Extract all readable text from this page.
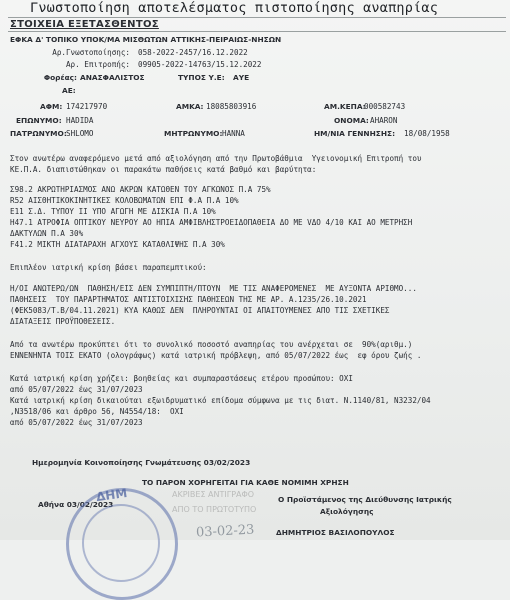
Γνωστοποίηση αποτελέσματος πιστοποίησης αναπηρίας
ΣΤΟΙΧΕΙΑ ΕΞΕΤΑΣΘΕΝΤΟΣ
ΕΦΚΑ Δ' ΤΟΠΙΚΟ ΥΠΟΚ/ΜΑ ΜΙΣΘΩΤΩΝ ΑΤΤΙΚΗΣ-ΠΕΙΡΑΙΩΣ-ΝΗΣΩΝ
Αρ.Γνωστοποίησης: 058-2022-2457/16.12.2022
Αρ. Επιτροπής: 09905-2022-14763/15.12.2022
Φορέας: ΑΝΑΣΦΑΛΙΣΤΟΣ	ΤΥΠΟΣ Υ.Ε: ΑΥΕ
ΑΕ:
ΑΦΜ: 174217970	ΑΜΚΑ: 18085803916	ΑΜ.ΚΕΠΑ:
000582743
ΕΠΩΝΥΜΟ: HADIDA	ΟΝΟΜΑ: AHARON
ΠΑΤΡΩΝΥΜΟ: SHLOMO	ΜΗΤΡΩΝΥΜΟ: HANNA	ΗΜ/ΝΙΑ ΓΕΝΝΗΣΗΣ: 18/08/1958
Στον ανωτέρω αναφερόμενο μετά από αξιολόγηση από την Πρωτοβάθμια  Υγειονομική Επιτροπή του
ΚΕ.Π.Α. διαπιστώθηκαν οι παρακάτω παθήσεις κατά βαθμό και βαρύτητα:
Σ98.2 ΑΚΡΩΤΗΡΙΑΣΜΟΣ ΑΝΩ ΑΚΡΩΝ ΚΑΤΩΘΕΝ ΤΟΥ ΑΓΚΩΝΟΣ Π.Α 75%
R52 ΑΙΣΘΗΤΙΚΟΚΙΝΗΤΙΚΕΣ ΚΟΛΟΒΩΜΑΤΩΝ ΕΠΙ Φ.Α Π.Α 10%
E11 Σ.Δ. ΤΥΠΟΥ ΙΙ ΥΠΟ ΑΓΩΓΗ ΜΕ ΔΙΣΚΙΑ Π.Α 10%
H47.1 ΑΤΡΟΦΙΑ ΟΠΤΙΚΟΥ ΝΕΥΡΟΥ ΑΟ ΗΠΙΑ ΑΜΦΙΒΛΗΣΤΡΟΕΙΔΟΠΑΘΕΙΑ ΔΟ ΜΕ VΔΟ 4/10 ΚΑΙ ΑΟ ΜΕΤΡΗΣΗ
ΔΑΚΤΥΛΩΝ Π.Α 30%
F41.2 ΜΙΚΤΗ ΔΙΑΤΑΡΑΧΗ ΑΓΧΟΥΣ ΚΑΤΑΘΛΙΨΗΣ Π.Α 30%
Επιπλέον ιατρική κρίση βάσει παραπεμπτικού:
Η/ΟΙ ΑΝΩΤΕΡΩ/ΩΝ  ΠΑΘΗΣΗ/ΕΙΣ ΔΕΝ ΣΥΜΠΙΠΤΗ/ΠΤΟΥΝ  ΜΕ ΤΙΣ ΑΝΑΦΕΡΟΜΕΝΕΣ  ΜΕ ΑΥΞΟΝΤΑ ΑΡΙΘΜΟ...
ΠΑΘΗΣΕΙΣ  ΤΟΥ ΠΑΡΑΡΤΗΜΑΤΟΣ ΑΝΤΙΣΤΟΙΧΙΣΗΣ ΠΑΘΗΣΕΩΝ ΤΗΣ ΜΕ ΑΡ. Α.1235/26.10.2021
(ΦΕΚ5083/Τ.Β/04.11.2021) ΚΥΑ ΚΑΘΩΣ ΔΕΝ  ΠΛΗΡΟΥΝΤΑΙ ΟΙ ΑΠΑΙΤΟΥΜΕΝΕΣ ΑΠΟ ΤΙΣ ΣΧΕΤΙΚΕΣ
ΔΙΑΤΑΞΕΙΣ ΠΡΟΫΠΟΘΕΣΕΙΣ.
Από τα ανωτέρω προκύπτει ότι το συνολικό ποσοστό αναπηρίας του ανέρχεται σε  90%(αριθμ.)
ΕΝΝΕΝΗΝΤΑ ΤΟΙΣ ΕΚΑΤΟ (ολογράφως) κατά ιατρική πρόβλεψη, από 05/07/2022 έως  εφ όρου ζωής .
Κατά ιατρική κρίση χρήζει: βοηθείας και συμπαραστάσεως ετέρου προσώπου: ΟΧΙ
από 05/07/2022 έως 31/07/2023
Κατά ιατρική κρίση δικαιούται εξωιδρυματικό επίδομα σύμφωνα με τις διατ. Ν.1140/81, Ν3232/04
,Ν3518/06 και άρθρο 56, Ν4554/18:  ΟΧΙ
από 05/07/2022 έως 31/07/2023
Ημερομηνία Κοινοποίησης Γνωμάτευσης 03/02/2023
ΤΟ ΠΑΡΟΝ ΧΟΡΗΓΕΙΤΑΙ ΓΙΑ ΚΑΘΕ ΝΟΜΙΜΗ ΧΡΗΣΗ
Αθήνα 03/02/2023
ΑΚΡΙΒΕΣ ΑΝΤΙΓΡΑΦΟ
ΑΠΟ ΤΟ ΠΡΩΤΟΤΥΠΟ
Ο Προϊστάμενος της Διεύθυνσης Ιατρικής
Αξιολόγησης
ΔΗΜ
03-02-23	ΔΗΜΗΤΡΙΟΣ ΒΑΣΙΛΟΠΟΥΛΟΣ
